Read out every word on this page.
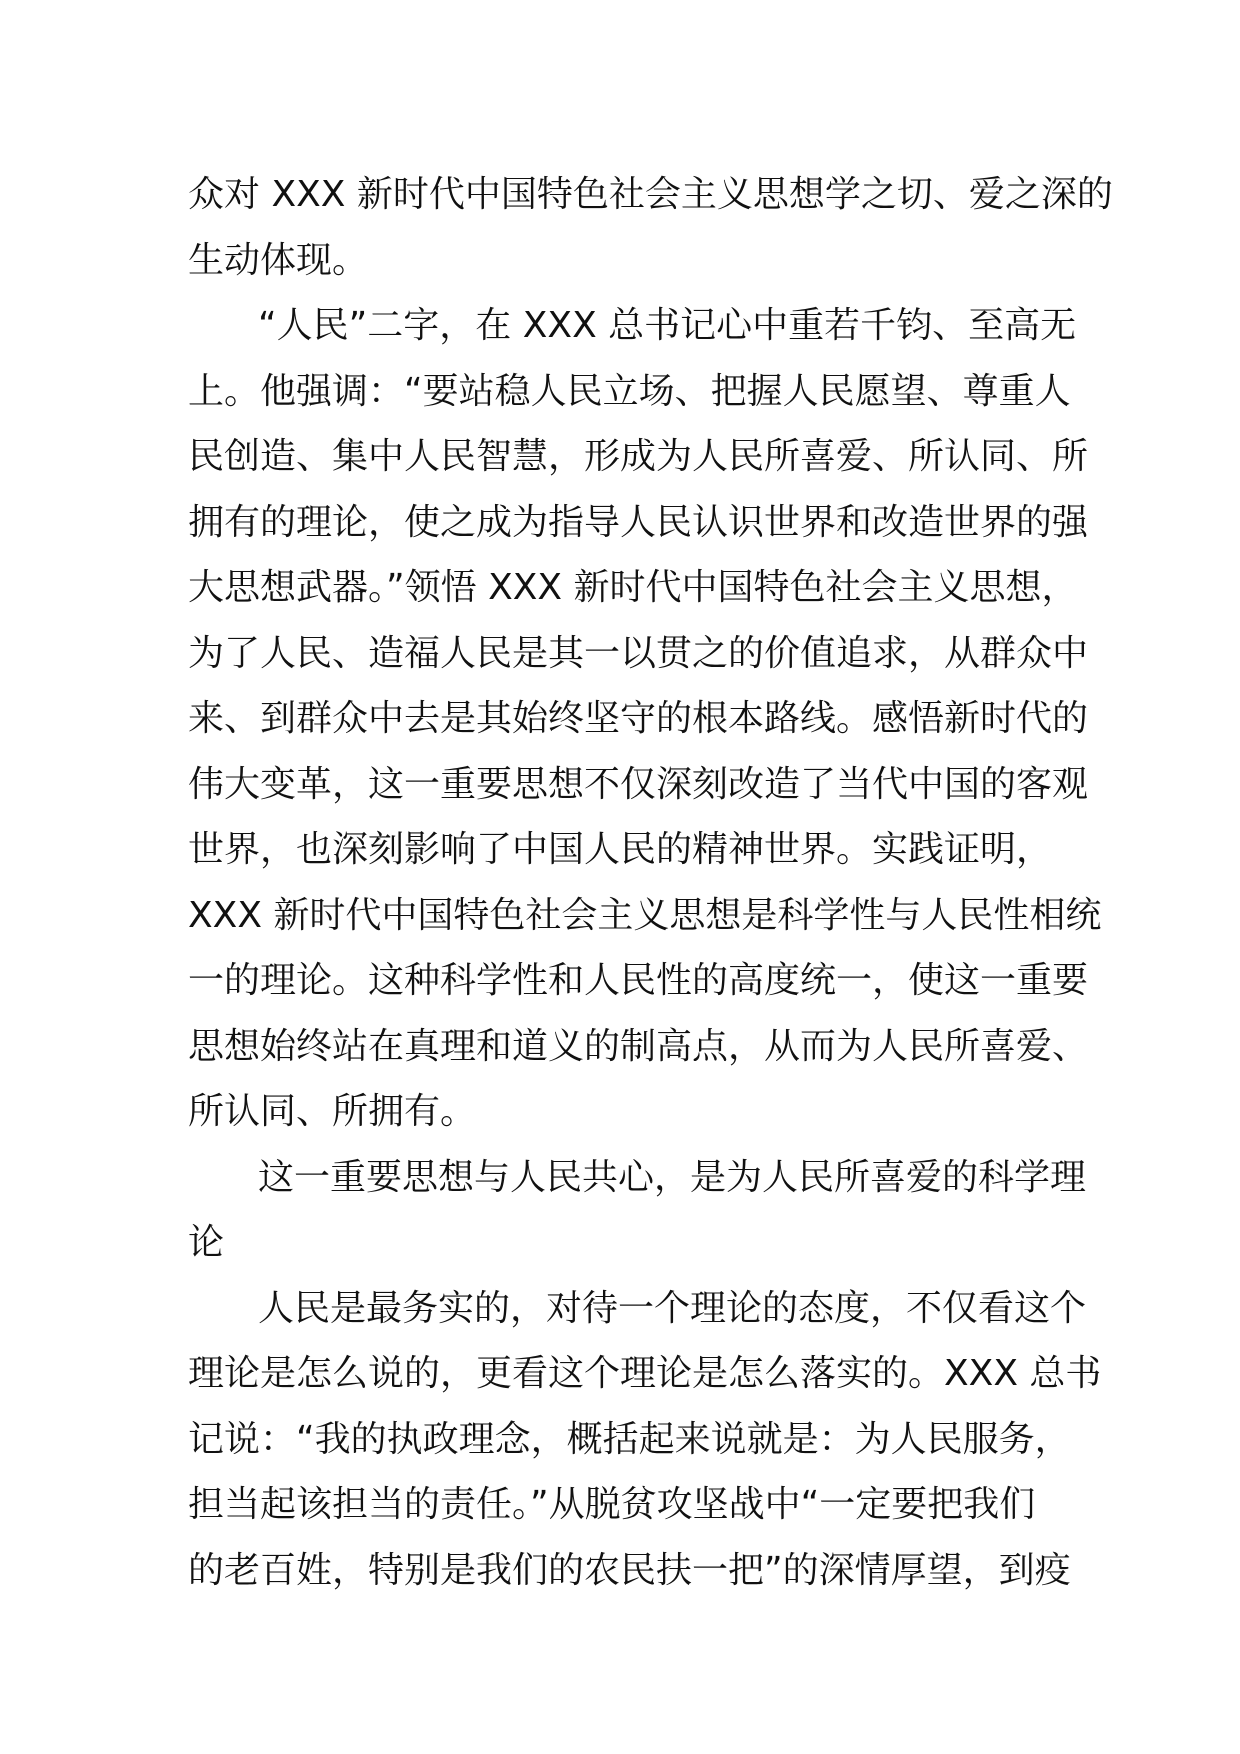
众对 XXX 新时代中国特色社会主义思想学之切、爱之深的
生动体现。
“人民”二字，在 XXX 总书记心中重若千钧、至高无
上。他强调：“要站稳人民立场、把握人民愿望、尊重人
民创造、集中人民智慧，形成为人民所喜爱、所认同、所
拥有的理论，使之成为指导人民认识世界和改造世界的强
大思想武器。”领悟 XXX 新时代中国特色社会主义思想，
为了人民、造福人民是其一以贯之的价值追求，从群众中
来、到群众中去是其始终坚守的根本路线。感悟新时代的
伟大变革，这一重要思想不仅深刻改造了当代中国的客观
世界，也深刻影响了中国人民的精神世界。实践证明，
XXX 新时代中国特色社会主义思想是科学性与人民性相统
一的理论。这种科学性和人民性的高度统一，使这一重要
思想始终站在真理和道义的制高点，从而为人民所喜爱、
所认同、所拥有。
这一重要思想与人民共心，是为人民所喜爱的科学理
论
人民是最务实的，对待一个理论的态度，不仅看这个
理论是怎么说的，更看这个理论是怎么落实的。XXX 总书
记说：“我的执政理念，概括起来说就是：为人民服务，
担当起该担当的责任。”从脱贫攻坚战中“一定要把我们
的老百姓，特别是我们的农民扶一把”的深情厚望，到疫
